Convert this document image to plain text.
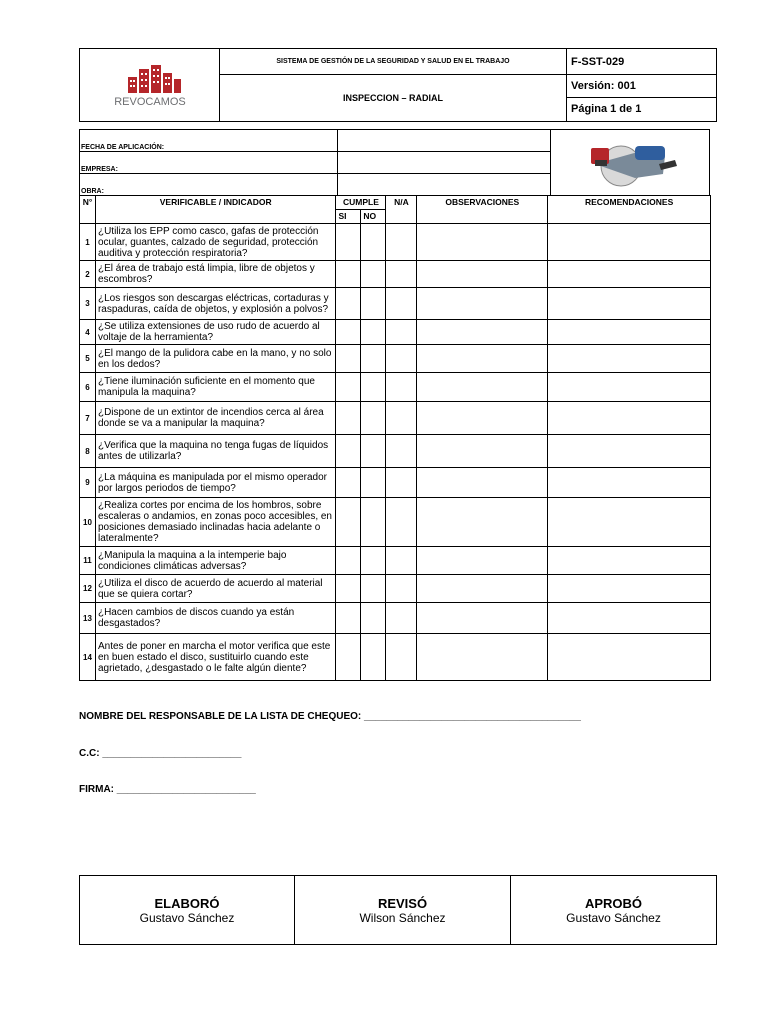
REVOCAMOS	SISTEMA DE GESTIÓN DE LA SEGURIDAD Y SALUD EN EL TRABAJO	F-SST-029
	INSPECCION – RADIAL	Versión: 001
Página 1 de 1
FECHA DE APLICACIÓN:		
EMPRESA:		
OBRA:		
N°	VERIFICABLE / INDICADOR	CUMPLE		N/A	OBSERVACIONES	RECOMENDACIONES
		SI	NO			
1	¿Utiliza los EPP como casco, gafas de protección ocular, guantes, calzado de seguridad, protección auditiva y protección respiratoria?					
2	¿El área de trabajo está limpia, libre de objetos y escombros?					
3	¿Los riesgos son descargas eléctricas, cortaduras y raspaduras, caída de objetos, y explosión a polvos?					
4	¿Se utiliza extensiones de uso rudo de acuerdo al voltaje de la herramienta?					
5	¿El mango de la pulidora cabe en la mano, y no solo en los dedos?					
6	¿Tiene iluminación suficiente en el momento que manipula la maquina?					
7	¿Dispone de un extintor de incendios cerca al área donde se va a manipular la maquina?					
8	¿Verifica que la maquina no tenga fugas de líquidos antes de utilizarla?					
9	¿La máquina es manipulada por el mismo operador por largos periodos de tiempo?					
10	¿Realiza cortes por encima de los hombros, sobre escaleras o andamios, en zonas poco accesibles, en posiciones demasiado inclinadas hacia adelante o lateralmente?					
11	¿Manipula la maquina a la intemperie bajo condiciones climáticas adversas?					
12	¿Utiliza el disco de acuerdo de acuerdo al material que se quiera cortar?					
13	¿Hacen cambios de discos cuando ya están desgastados?					
14	Antes de poner en marcha el motor verifica que este en buen estado el disco, sustituirlo cuando este agrietado, ¿desgastado o le falte algún diente?					
NOMBRE DEL RESPONSABLE DE LA LISTA DE CHEQUEO: _______________________________________
C.C: _________________________
FIRMA: _________________________
ELABORÓ
Gustavo Sánchez

REVISÓ
Wilson Sánchez

APROBÓ
Gustavo Sánchez
